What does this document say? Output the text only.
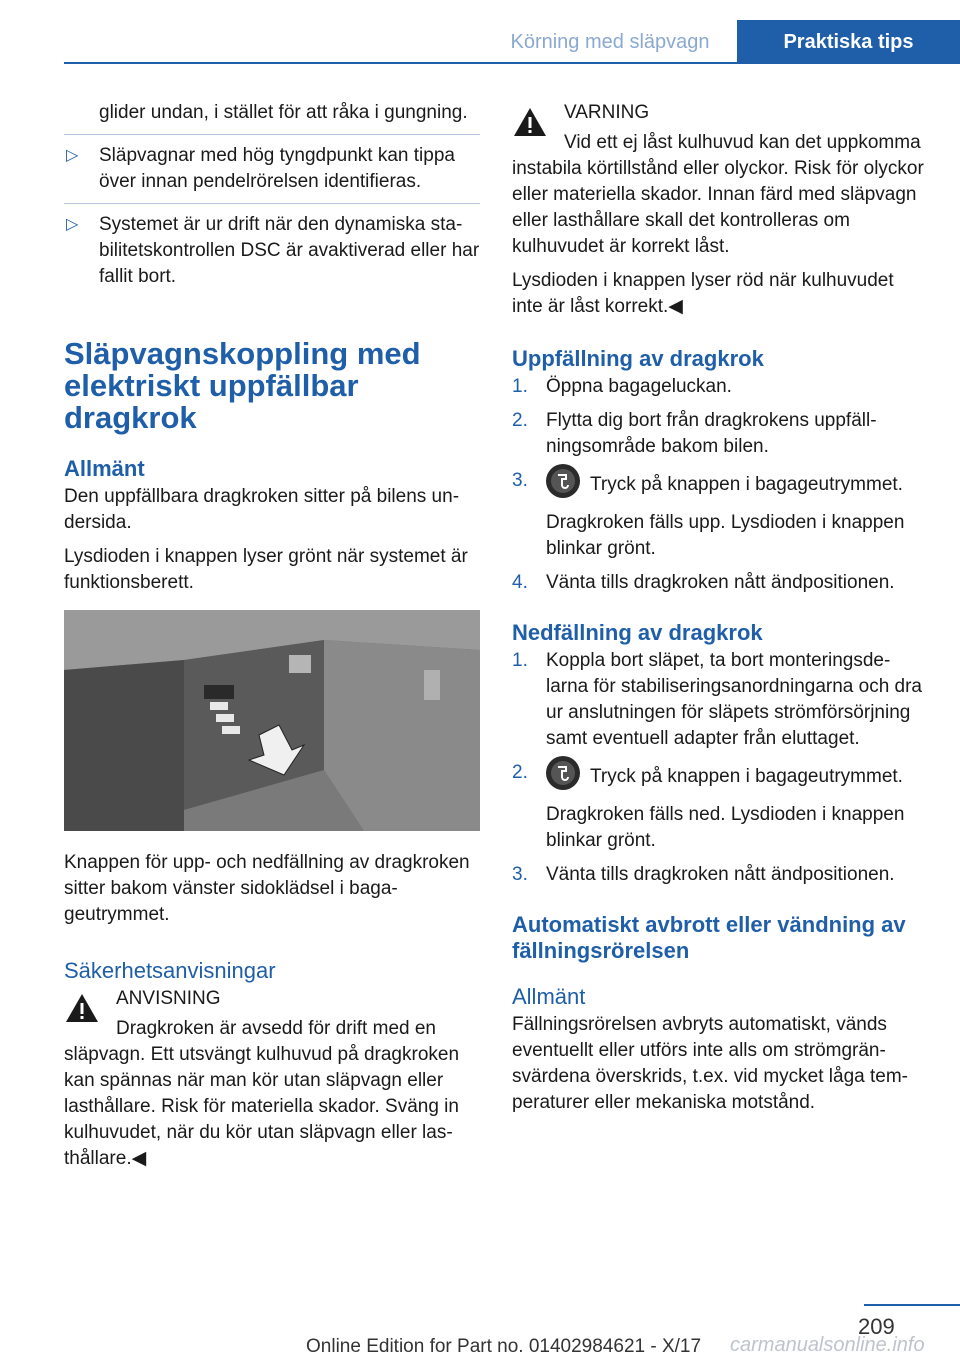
Körning med släpvagn	Praktiska tips

glider undan, i stället för att råka i gungning.

▷ Släpvagnar med hög tyngdpunkt kan tippa över innan pendelrörelsen identifieras.
▷ Systemet är ur drift när den dynamiska stabilitetskontrollen DSC är avaktiverad eller har fallit bort.
Släpvagnskoppling med elektriskt uppfällbar dragkrok
Allmänt

Den uppfällbara dragkroken sitter på bilens undersida.

Lysdioden i knappen lyser grönt när systemet är funktionsberett.

Knappen för upp- och nedfällning av dragkroken sitter bakom vänster sidoklädsel i bagageutrymmet.

Säkerhetsanvisningar

ANVISNING

Dragkroken är avsedd för drift med en släpvagn. Ett utsvängt kulhuvud på dragkroken kan spännas när man kör utan släpvagn eller lasthållare. Risk för materiella skador. Sväng in kulhuvudet, när du kör utan släpvagn eller lasthållare.◀

VARNING

Vid ett ej låst kulhuvud kan det uppkomma instabila körtillstånd eller olyckor. Risk för olyckor eller materiella skador. Innan färd med släpvagn eller lasthållare skall det kontrolleras om kulhuvudet är korrekt låst.

Lysdioden i knappen lyser röd när kulhuvudet inte är låst korrekt.◀

Uppfällning av dragkrok
1. Öppna bagageluckan.
2. Flytta dig bort från dragkrokens uppfällningsområde bakom bilen.
3.	Tryck på knappen i bagageutrymmet.

Dragkroken fälls upp. Lysdioden i knappen blinkar grönt.

4. Vänta tills dragkroken nått ändpositionen.
Nedfällning av dragkrok
1. Koppla bort släpet, ta bort monteringsdelarna för stabiliseringsanordningarna och dra ur anslutningen för släpets strömförsörjning samt eventuell adapter från eluttaget.
2.	Tryck på knappen i bagageutrymmet.

Dragkroken fälls ned. Lysdioden i knappen blinkar grönt.

3. Vänta tills dragkroken nått ändpositionen.
Automatiskt avbrott eller vändning av fällningsrörelsen
Allmänt

Fällningsrörelsen avbryts automatiskt, vänds eventuellt eller utförs inte alls om strömgränsvärdena överskrids, t.ex. vid mycket låga temperaturer eller mekaniska motstånd.

209
Online Edition for Part no. 01402984621 - X/17 carmanualsonline.info
